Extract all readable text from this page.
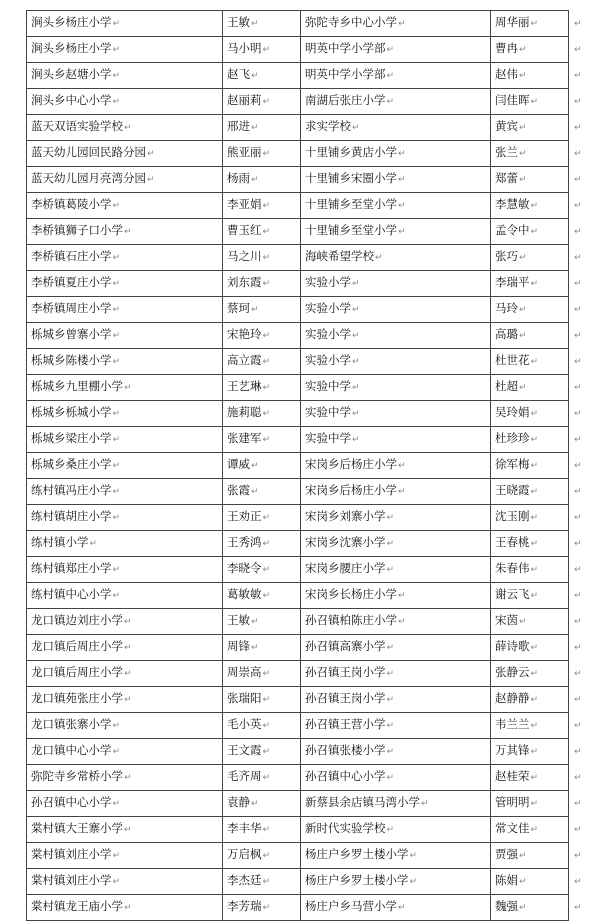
涧头乡杨庄小学↵	王敏↵	弥陀寺乡中心小学↵	周华丽↵	↵
涧头乡杨庄小学↵	马小明↵	明英中学小学部↵	曹冉↵	↵
涧头乡赵塘小学↵	赵飞↵	明英中学小学部↵	赵伟↵	↵
涧头乡中心小学↵	赵丽莉↵	南湖后张庄小学↵	闫佳晖↵	↵
蓝天双语实验学校↵	邢进↵	求实学校↵	黄宾↵	↵
蓝天幼儿园回民路分园↵	熊亚丽↵	十里铺乡黄店小学↵	张兰↵	↵
蓝天幼儿园月亮湾分园↵	杨雨↵	十里铺乡宋圈小学↵	郑蕾↵	↵
李桥镇葛陵小学↵	李亚娟↵	十里铺乡至堂小学↵	李慧敏↵	↵
李桥镇狮子口小学↵	曹玉红↵	十里铺乡至堂小学↵	孟令中↵	↵
李桥镇石庄小学↵	马之川↵	海峡希望学校↵	张巧↵	↵
李桥镇夏庄小学↵	刘东霞↵	实验小学↵	李瑞平↵	↵
李桥镇周庄小学↵	蔡珂↵	实验小学↵	马玲↵	↵
栎城乡曾寨小学↵	宋艳玲↵	实验小学↵	高璐↵	↵
栎城乡陈楼小学↵	高立霞↵	实验小学↵	杜世花↵	↵
栎城乡九里棚小学↵	王艺琳↵	实验中学↵	杜超↵	↵
栎城乡栎城小学↵	施莉聪↵	实验中学↵	吴玲娟↵	↵
栎城乡梁庄小学↵	张建军↵	实验中学↵	杜珍珍↵	↵
栎城乡桑庄小学↵	谭威↵	宋岗乡后杨庄小学↵	徐军梅↵	↵
练村镇冯庄小学↵	张霞↵	宋岗乡后杨庄小学↵	王晓霞↵	↵
练村镇胡庄小学↵	王劝正↵	宋岗乡刘寨小学↵	沈玉刚↵	↵
练村镇小学↵	王秀鸿↵	宋岗乡沈寨小学↵	王春桃↵	↵
练村镇郑庄小学↵	李晓令↵	宋岗乡腰庄小学↵	朱春伟↵	↵
练村镇中心小学↵	葛敏敏↵	宋岗乡长杨庄小学↵	谢云飞↵	↵
龙口镇边刘庄小学↵	王敏↵	孙召镇柏陈庄小学↵	宋茵↵	↵
龙口镇后周庄小学↵	周锋↵	孙召镇高寨小学↵	薛诗歌↵	↵
龙口镇后周庄小学↵	周崇高↵	孙召镇王岗小学↵	张静云↵	↵
龙口镇苑张庄小学↵	张瑞阳↵	孙召镇王岗小学↵	赵静静↵	↵
龙口镇张寨小学↵	毛小英↵	孙召镇王营小学↵	韦兰兰↵	↵
龙口镇中心小学↵	王文霞↵	孙召镇张楼小学↵	万其锋↵	↵
弥陀寺乡常桥小学↵	毛齐周↵	孙召镇中心小学↵	赵桂荣↵	↵
孙召镇中心小学↵	袁静↵	新蔡县余店镇马湾小学↵	管明明↵	↵
棠村镇大王寨小学↵	李丰华↵	新时代实验学校↵	常文佳↵	↵
棠村镇刘庄小学↵	万启枫↵	杨庄户乡罗土楼小学↵	贾强↵	↵
棠村镇刘庄小学↵	李杰廷↵	杨庄户乡罗土楼小学↵	陈娟↵	↵
棠村镇龙王庙小学↵	李芳瑞↵	杨庄户乡马营小学↵	魏强↵	↵
